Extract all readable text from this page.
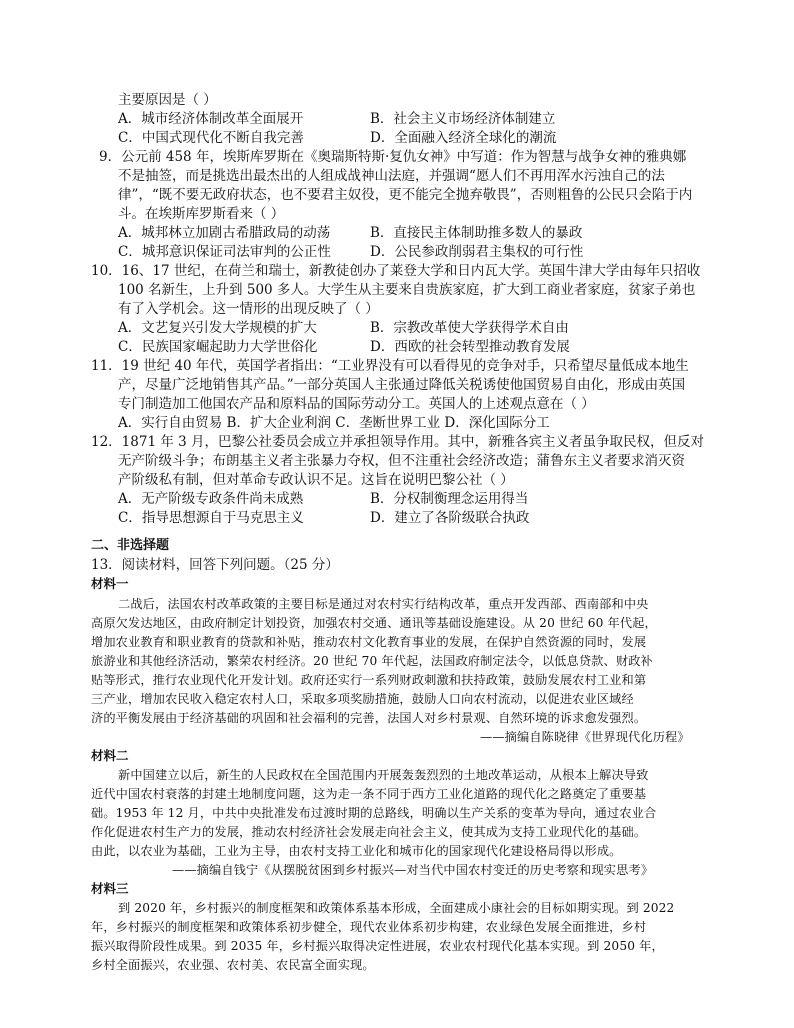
主要原因是（ ）
A．城市经济体制改革全面展开	B．社会主义市场经济体制建立
C．中国式现代化不断自我完善	D．全面融入经济全球化的潮流
9．公元前 458 年，埃斯库罗斯在《奥瑞斯特斯·复仇女神》中写道：作为智慧与战争女神的雅典娜
不是抽签，而是挑选出最杰出的人组成战神山法庭，并强调“愿人们不再用浑水污浊自己的法
律”，“既不要无政府状态，也不要君主奴役，更不能完全抛弃敬畏”，否则粗鲁的公民只会陷于内
斗。在埃斯库罗斯看来（ ）
A．城邦林立加剧古希腊政局的动荡	B．直接民主体制助推多数人的暴政
C．城邦意识保证司法审判的公正性	D．公民参政削弱君主集权的可行性
10．16、17 世纪，在荷兰和瑞士，新教徒创办了莱登大学和日内瓦大学。英国牛津大学由每年只招收
100 名新生，上升到 500 多人。大学生从主要来自贵族家庭，扩大到工商业者家庭，贫家子弟也
有了入学机会。这一情形的出现反映了（ ）
A．文艺复兴引发大学规模的扩大	B．宗教改革使大学获得学术自由
C．民族国家崛起助力大学世俗化	D．西欧的社会转型推动教育发展
11．19 世纪 40 年代，英国学者指出：“工业界没有可以看得见的竞争对手，只希望尽量低成本地生
产，尽量广泛地销售其产品。”一部分英国人主张通过降低关税诱使他国贸易自由化，形成由英国
专门制造加工他国农产品和原料品的国际劳动分工。英国人的上述观点意在（ ）
A．实行自由贸易 B．扩大企业利润 C．垄断世界工业 D．深化国际分工
12．1871 年 3 月，巴黎公社委员会成立并承担领导作用。其中，新雅各宾主义者虽争取民权，但反对
无产阶级斗争；布朗基主义者主张暴力夺权，但不注重社会经济改造；蒲鲁东主义者要求消灭资
产阶级私有制，但对革命专政认识不足。这旨在说明巴黎公社（ ）
A．无产阶级专政条件尚未成熟	B．分权制衡理念运用得当
C．指导思想源自于马克思主义	D．建立了各阶级联合执政
二、非选择题
13．阅读材料，回答下列问题。（25 分）
材料一
二战后，法国农村改革政策的主要目标是通过对农村实行结构改革，重点开发西部、西南部和中央
高原欠发达地区，由政府制定计划投资，加强农村交通、通讯等基础设施建设。从 20 世纪 60 年代起，
增加农业教育和职业教育的贷款和补贴，推动农村文化教育事业的发展，在保护自然资源的同时，发展
旅游业和其他经济活动，繁荣农村经济。20 世纪 70 年代起，法国政府制定法令，以低息贷款、财政补
贴等形式，推行农业现代化开发计划。政府还实行一系列财政刺激和扶持政策，鼓励发展农村工业和第
三产业，增加农民收入稳定农村人口，采取多项奖励措施，鼓励人口向农村流动，以促进农业区域经
济的平衡发展由于经济基础的巩固和社会福利的完善，法国人对乡村景观、自然环境的诉求愈发强烈。
——摘编自陈晓律《世界现代化历程》
材料二
新中国建立以后，新生的人民政权在全国范围内开展轰轰烈烈的土地改革运动，从根本上解决导致
近代中国农村衰落的封建土地制度问题，这为走一条不同于西方工业化道路的现代化之路奠定了重要基
础。1953 年 12 月，中共中央批准发布过渡时期的总路线，明确以生产关系的变革为导向，通过农业合
作化促进农村生产力的发展，推动农村经济社会发展走向社会主义，使其成为支持工业现代化的基础。
由此，以农业为基础，工业为主导，由农村支持工业化和城市化的国家现代化建设格局得以形成。
——摘编自钱宁《从摆脱贫困到乡村振兴—对当代中国农村变迁的历史考察和现实思考》
材料三
到 2020 年，乡村振兴的制度框架和政策体系基本形成，全面建成小康社会的目标如期实现。到 2022
年，乡村振兴的制度框架和政策体系初步健全，现代农业体系初步构建，农业绿色发展全面推进，乡村
振兴取得阶段性成果。到 2035 年，乡村振兴取得决定性进展，农业农村现代化基本实现。到 2050 年，
乡村全面振兴，农业强、农村美、农民富全面实现。
